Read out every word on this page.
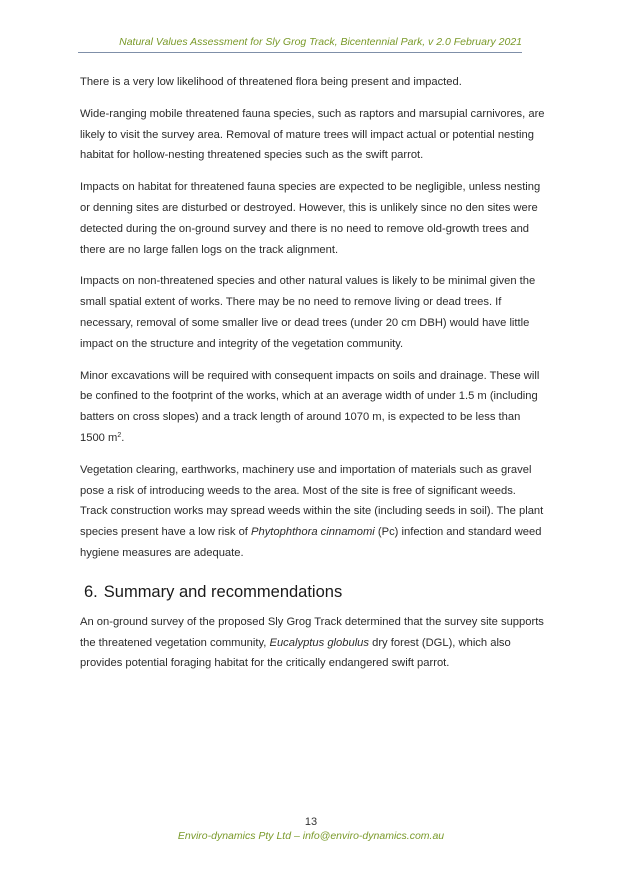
Natural Values Assessment for Sly Grog Track, Bicentennial Park, v 2.0 February 2021

There is a very low likelihood of threatened flora being present and impacted.

Wide-ranging mobile threatened fauna species, such as raptors and marsupial carnivores, are likely to visit the survey area. Removal of mature trees will impact actual or potential nesting habitat for hollow-nesting threatened species such as the swift parrot.

Impacts on habitat for threatened fauna species are expected to be negligible, unless nesting or denning sites are disturbed or destroyed. However, this is unlikely since no den sites were detected during the on-ground survey and there is no need to remove old-growth trees and there are no large fallen logs on the track alignment.

Impacts on non-threatened species and other natural values is likely to be minimal given the small spatial extent of works. There may be no need to remove living or dead trees. If necessary, removal of some smaller live or dead trees (under 20 cm DBH) would have little impact on the structure and integrity of the vegetation community.

Minor excavations will be required with consequent impacts on soils and drainage. These will be confined to the footprint of the works, which at an average width of under 1.5 m (including batters on cross slopes) and a track length of around 1070 m, is expected to be less than 1500 $m^2$.

Vegetation clearing, earthworks, machinery use and importation of materials such as gravel pose a risk of introducing weeds to the area. Most of the site is free of significant weeds. Track construction works may spread weeds within the site (including seeds in soil). The plant species present have a low risk of Phytophthora cinnamomi (Pc) infection and standard weed hygiene measures are adequate.

6. Summary and recommendations

An on-ground survey of the proposed Sly Grog Track determined that the survey site supports the threatened vegetation community, Eucalyptus globulus dry forest (DGL), which also provides potential foraging habitat for the critically endangered swift parrot.

13
Enviro-dynamics Pty Ltd – info@enviro-dynamics.com.au
